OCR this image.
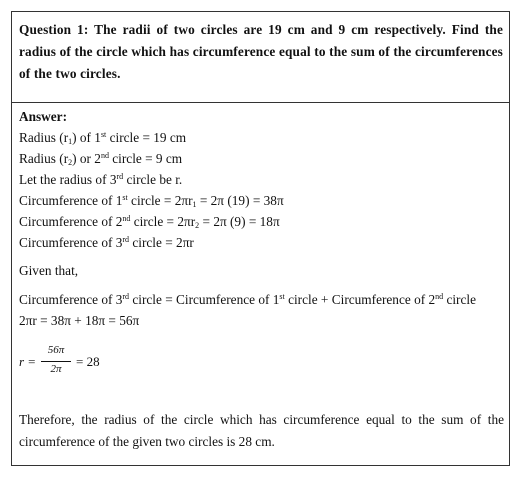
Question 1: The radii of two circles are 19 cm and 9 cm respectively. Find the radius of the circle which has circumference equal to the sum of the circumferences of the two circles.

Answer:
Radius $(r_1)$ of 1st circle = 19 cm
Radius $(r_2)$ or 2nd circle = 9 cm
Let the radius of 3rd circle be r.
Circumference of 1st circle = $2\pi r_1 = 2\pi$ (19) = 38π
Circumference of 2nd circle = $2\pi r_2 = 2\pi$ (9) = 18π
Circumference of 3rd circle = 2πr
Given that,
Circumference of 3rd circle = Circumference of 1st circle + Circumference of 2nd circle
2πr = 38π + 18π = 56π
r =
56π
2π	= 28

Therefore, the radius of the circle which has circumference equal to the sum of the circumference of the given two circles is 28 cm.
